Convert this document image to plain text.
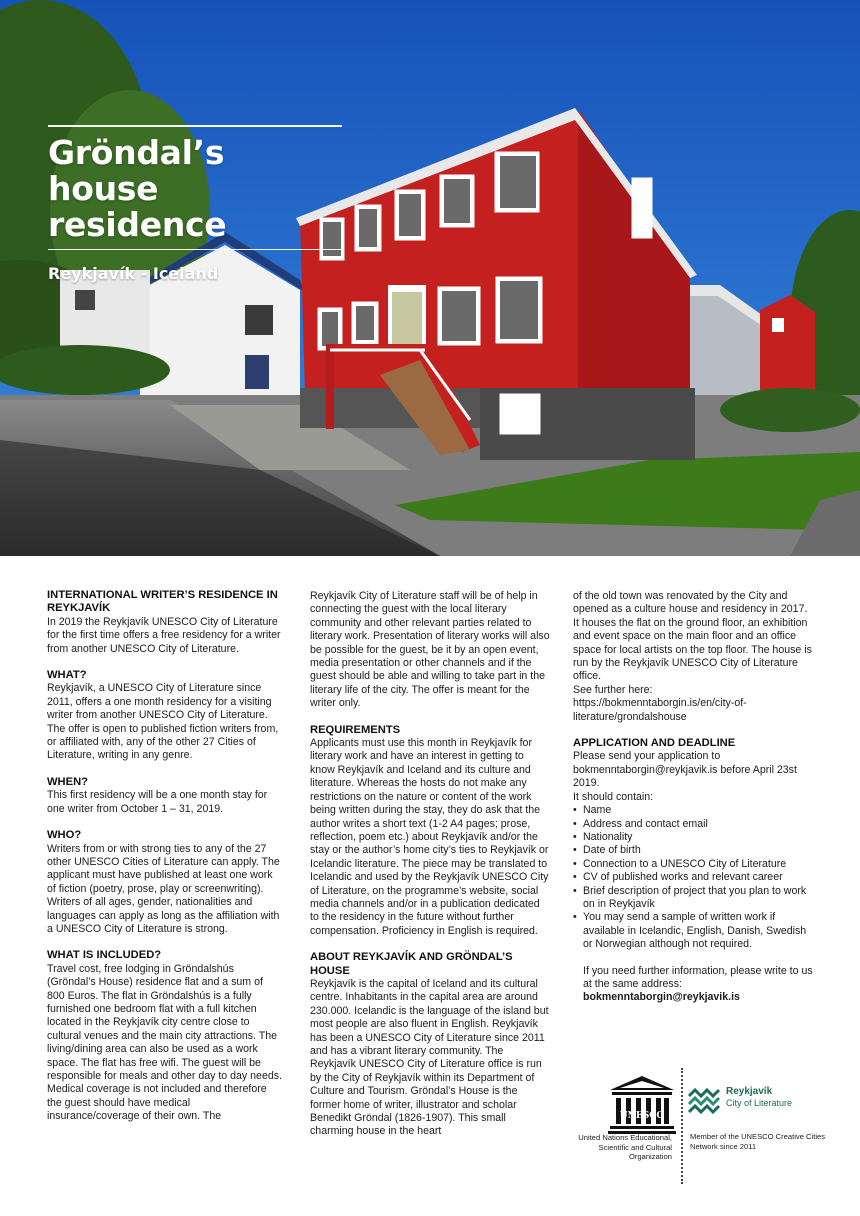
Gröndal’s house
residence
Reykjavík - Iceland
INTERNATIONAL WRITER’S RESIDENCE IN REYKJAVÍK

In 2019 the Reykjavík UNESCO City of Literature for the first time offers a free residency for a writer from another UNESCO City of Literature.

WHAT?

Reykjavík, a UNESCO City of Literature since 2011, offers a one month residency for a visiting writer from another UNESCO City of Literature. The offer is open to published fiction writers from, or affiliated with, any of the other 27 Cities of Literature, writing in any genre.

WHEN?

This first residency will be a one month stay for one writer from October 1 – 31, 2019.

WHO?

Writers from or with strong ties to any of the 27 other UNESCO Cities of Literature can apply. The applicant must have published at least one work of fiction (poetry, prose, play or screenwriting). Writers of all ages, gender, nationalities and languages can apply as long as the affiliation with a UNESCO City of Literature is strong.

WHAT IS INCLUDED?

Travel cost, free lodging in Gröndalshús (Gröndal’s House) residence flat and a sum of 800 Euros. The flat in Gröndalshús is a fully furnished one bedroom flat with a full kitchen located in the Reykjavík city centre close to cultural venues and the main city attractions. The living/dining area can also be used as a work space. The flat has free wifi. The guest will be responsible for meals and other day to day needs. Medical coverage is not included and therefore the guest should have medical insurance/coverage of their own. The

Reykjavík City of Literature staff will be of help in connecting the guest with the local literary community and other relevant parties related to literary work. Presentation of literary works will also be possible for the guest, be it by an open event, media presentation or other channels and if the guest should be able and willing to take part in the literary life of the city. The offer is meant for the writer only.

REQUIREMENTS

Applicants must use this month in Reykjavík for literary work and have an interest in getting to know Reykjavík and Iceland and its culture and literature. Whereas the hosts do not make any restrictions on the nature or content of the work being written during the stay, they do ask that the author writes a short text (1-2 A4 pages; prose, reflection, poem etc.) about Reykjavík and/or the stay or the author’s home city’s ties to Reykjavík or Icelandic literature. The piece may be translated to Icelandic and used by the Reykjavík UNESCO City of Literature, on the programme’s website, social media channels and/or in a publication dedicated to the residency in the future without further compensation. Proficiency in English is required.

ABOUT REYKJAVÍK AND GRÖNDAL’S HOUSE

Reykjavík is the capital of Iceland and its cultural centre. Inhabitants in the capital area are around 230.000. Icelandic is the language of the island but most people are also fluent in English. Reykjavík has been a UNESCO City of Literature since 2011 and has a vibrant literary community. The Reykjavík UNESCO City of Literature office is run by the City of Reykjavík within its Department of Culture and Tourism. Gröndal’s House is the former home of writer, illustrator and scholar Benedikt Gröndal (1826-1907). This small charming house in the heart

of the old town was renovated by the City and opened as a culture house and residency in 2017. It houses the flat on the ground floor, an exhibition and event space on the main floor and an office space for local artists on the top floor. The house is run by the Reykjavík UNESCO City of Literature office.

See further here: https://bokmenntaborgin.is/en/city-of-literature/grondalshouse

APPLICATION AND DEADLINE

Please send your application to bokmenntaborgin@reykjavik.is before April 23st 2019.

It should contain:

• Name
• Address and contact email
• Nationality
• Date of birth
• Connection to a UNESCO City of Literature
• CV of published works and relevant career
• Brief description of project that you plan to work on in Reykjavík
• You may send a sample of written work if available in Icelandic, English, Danish, Swedish or Norwegian although not required.

If you need further information, please write to us at the same address:

bokmenntaborgin@reykjavik.is

UNESCO
United Nations Educational, Scientific and Cultural Organization
Reykjavík
City of Literature
Member of the UNESCO Creative Cities Network since 2011
